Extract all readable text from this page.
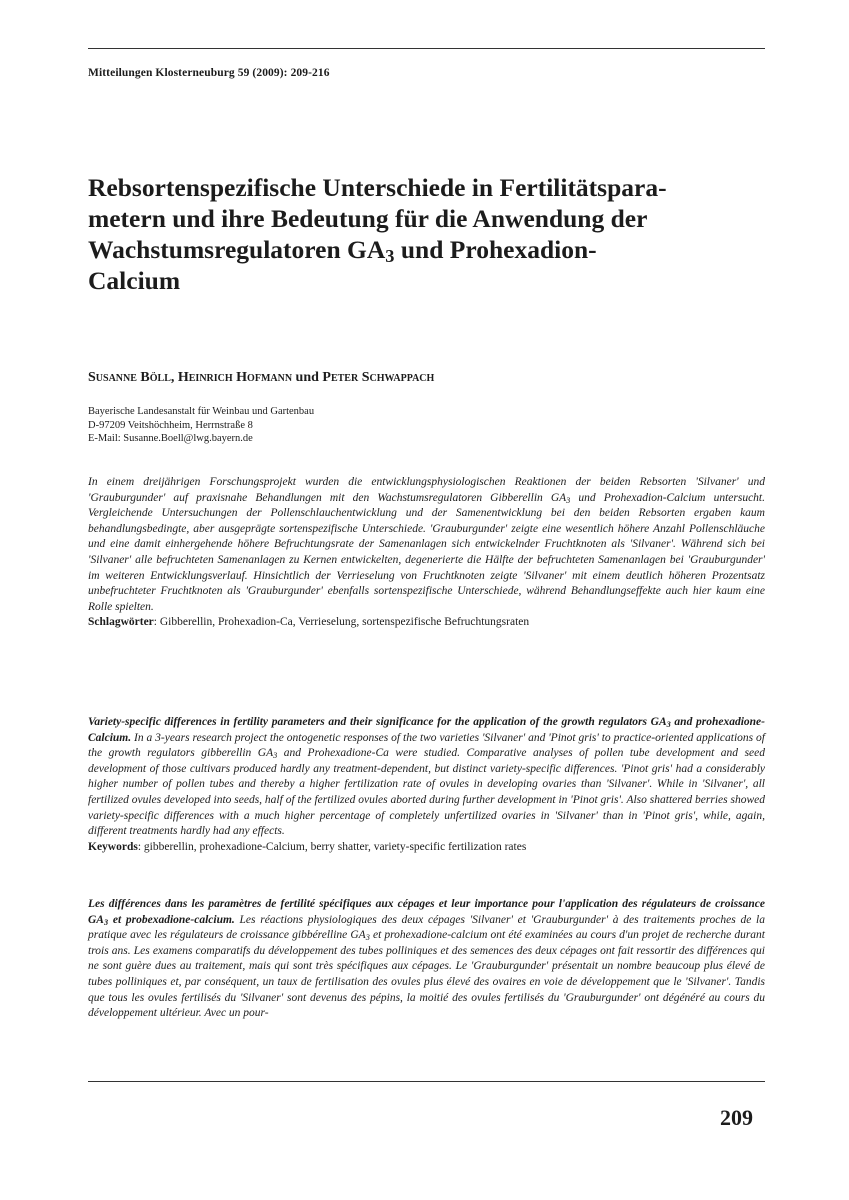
Mitteilungen Klosterneuburg 59 (2009): 209-216
Rebsortenspezifische Unterschiede in Fertilitätspara-
metern und ihre Bedeutung für die Anwendung der
Wachstumsregulatoren $GA_3$ und Prohexadion-
Calcium
Susanne Böll, Heinrich Hofmann und Peter Schwappach
Bayerische Landesanstalt für Weinbau und Gartenbau
D-97209 Veitshöchheim, Herrnstraße 8
E-Mail: Susanne.Boell@lwg.bayern.de

In einem dreijährigen Forschungsprojekt wurden die entwicklungsphysiologischen Reaktionen der beiden Rebsorten 'Silvaner' und 'Grauburgunder' auf praxisnahe Behandlungen mit den Wachstumsregulatoren Gibberellin $GA_3$ und Prohexadion-Calcium untersucht. Vergleichende Untersuchungen der Pollenschlauchentwicklung und der Samenentwicklung bei den beiden Rebsorten ergaben kaum behandlungsbedingte, aber ausgeprägte sortenspezifische Unterschiede. 'Grauburgunder' zeigte eine wesentlich höhere Anzahl Pollenschläuche und eine damit einhergehende höhere Befruchtungsrate der Samenanlagen sich entwickelnder Fruchtknoten als 'Silvaner'. Während sich bei 'Silvaner' alle befruchteten Samenanlagen zu Kernen entwickelten, degenerierte die Hälfte der befruchteten Samenanlagen bei 'Grauburgunder' im weiteren Entwicklungsverlauf. Hinsichtlich der Verrieselung von Fruchtknoten zeigte 'Silvaner' mit einem deutlich höheren Prozentsatz unbefruchteter Fruchtknoten als 'Grauburgunder' ebenfalls sortenspezifische Unterschiede, während Behandlungseffekte auch hier kaum eine Rolle spielten.
Schlagwörter: Gibberellin, Prohexadion-Ca, Verrieselung, sortenspezifische Befruchtungsraten

Variety-specific differences in fertility parameters and their significance for the application of the growth regulators $GA_3$ and prohexadione-Calcium. In a 3-years research project the ontogenetic responses of the two varieties 'Silvaner' and 'Pinot gris' to practice-oriented applications of the growth regulators gibberellin $GA_3$ and Prohexadione-Ca were studied. Comparative analyses of pollen tube development and seed development of those cultivars produced hardly any treatment-dependent, but distinct variety-specific differences. 'Pinot gris' had a considerably higher number of pollen tubes and thereby a higher fertilization rate of ovules in developing ovaries than 'Silvaner'. While in 'Silvaner', all fertilized ovules developed into seeds, half of the fertilized ovules aborted during further development in 'Pinot gris'. Also shattered berries showed variety-specific differences with a much higher percentage of completely unfertilized ovaries in 'Silvaner' than in 'Pinot gris', while, again, different treatments hardly had any effects.
Keywords: gibberellin, prohexadione-Calcium, berry shatter, variety-specific fertilization rates

Les différences dans les paramètres de fertilité spécifiques aux cépages et leur importance pour l'application des régulateurs de croissance $GA_3$ et probexadione-calcium. Les réactions physiologiques des deux cépages 'Silvaner' et 'Grauburgunder' à des traitements proches de la pratique avec les régulateurs de croissance gibbérelline $GA_3$ et prohexadione-calcium ont été examinées au cours d'un projet de recherche durant trois ans. Les examens comparatifs du développement des tubes polliniques et des semences des deux cépages ont fait ressortir des différences qui ne sont guère dues au traitement, mais qui sont très spécifiques aux cépages. Le 'Grauburgunder' présentait un nombre beaucoup plus élevé de tubes polliniques et, par conséquent, un taux de fertilisation des ovules plus élevé des ovaires en voie de développement que le 'Silvaner'. Tandis que tous les ovules fertilisés du 'Silvaner' sont devenus des pépins, la moitié des ovules fertilisés du 'Grauburgunder' ont dégénéré au cours du développement ultérieur. Avec un pour-

209
